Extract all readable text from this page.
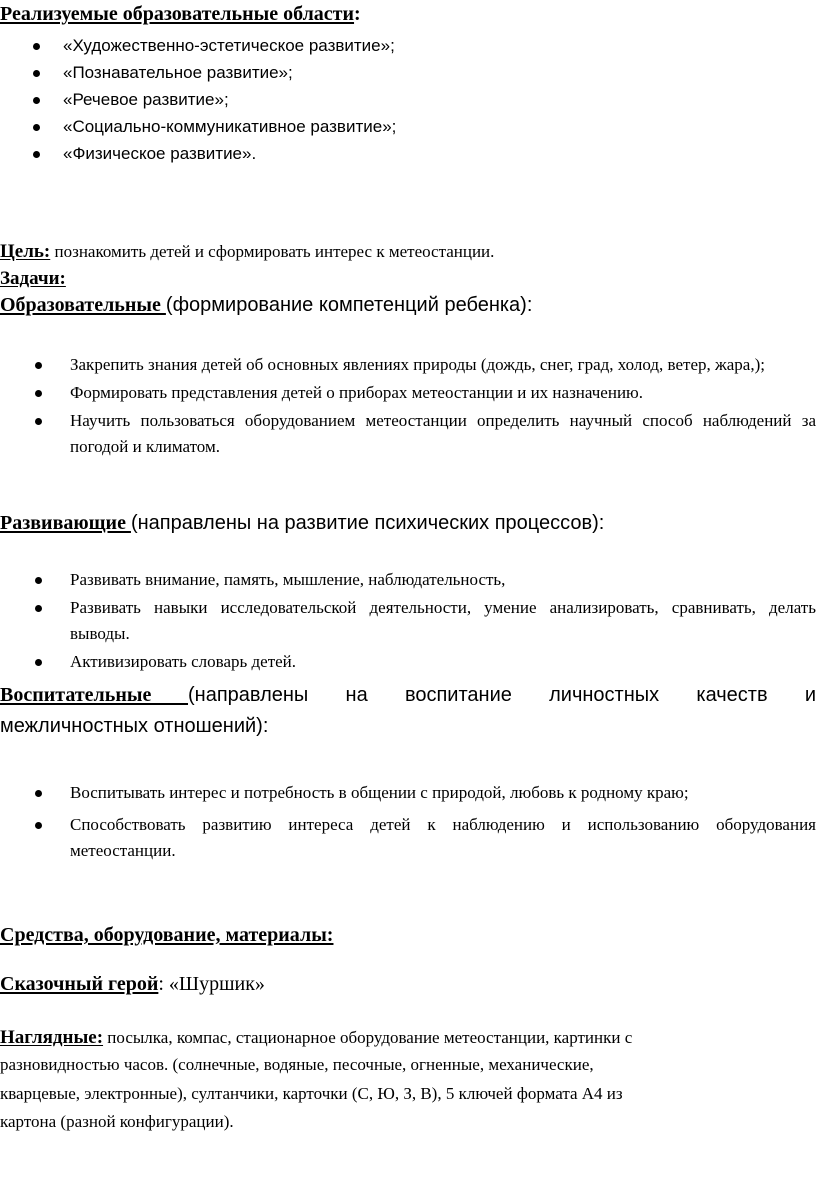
Реализуемые образовательные области:
«Художественно-эстетическое развитие»;
«Познавательное развитие»;
«Речевое развитие»;
«Социально-коммуникативное развитие»;
«Физическое развитие».
Цель: познакомить детей и сформировать интерес к метеостанции.
Задачи:
Образовательные (формирование компетенций ребенка):
Закрепить знания детей об основных явлениях природы (дождь, снег, град, холод, ветер, жара,);
Формировать представления детей о приборах метеостанции и их назначению.
Научить пользоваться оборудованием метеостанции определить научный способ наблюдений за погодой и климатом.
Развивающие (направлены на развитие психических процессов):
Развивать внимание, память, мышление, наблюдательность,
Развивать навыки исследовательской деятельности, умение анализировать, сравнивать, делать выводы.
Активизировать словарь детей.
Воспитательные (направлены на воспитание личностных качеств и
межличностных отношений):
Воспитывать интерес и потребность в общении с природой, любовь к родному краю;
Способствовать развитию интереса детей к наблюдению и использованию оборудования метеостанции.
Средства, оборудование, материалы:
Сказочный герой: «Шуршик»
Наглядные: посылка, компас, стационарное оборудование метеостанции, картинки с
разновидностью часов. (солнечные, водяные, песочные, огненные, механические,
кварцевые, электронные), султанчики, карточки (С, Ю, З, В), 5 ключей формата А4 из
картона (разной конфигурации).
